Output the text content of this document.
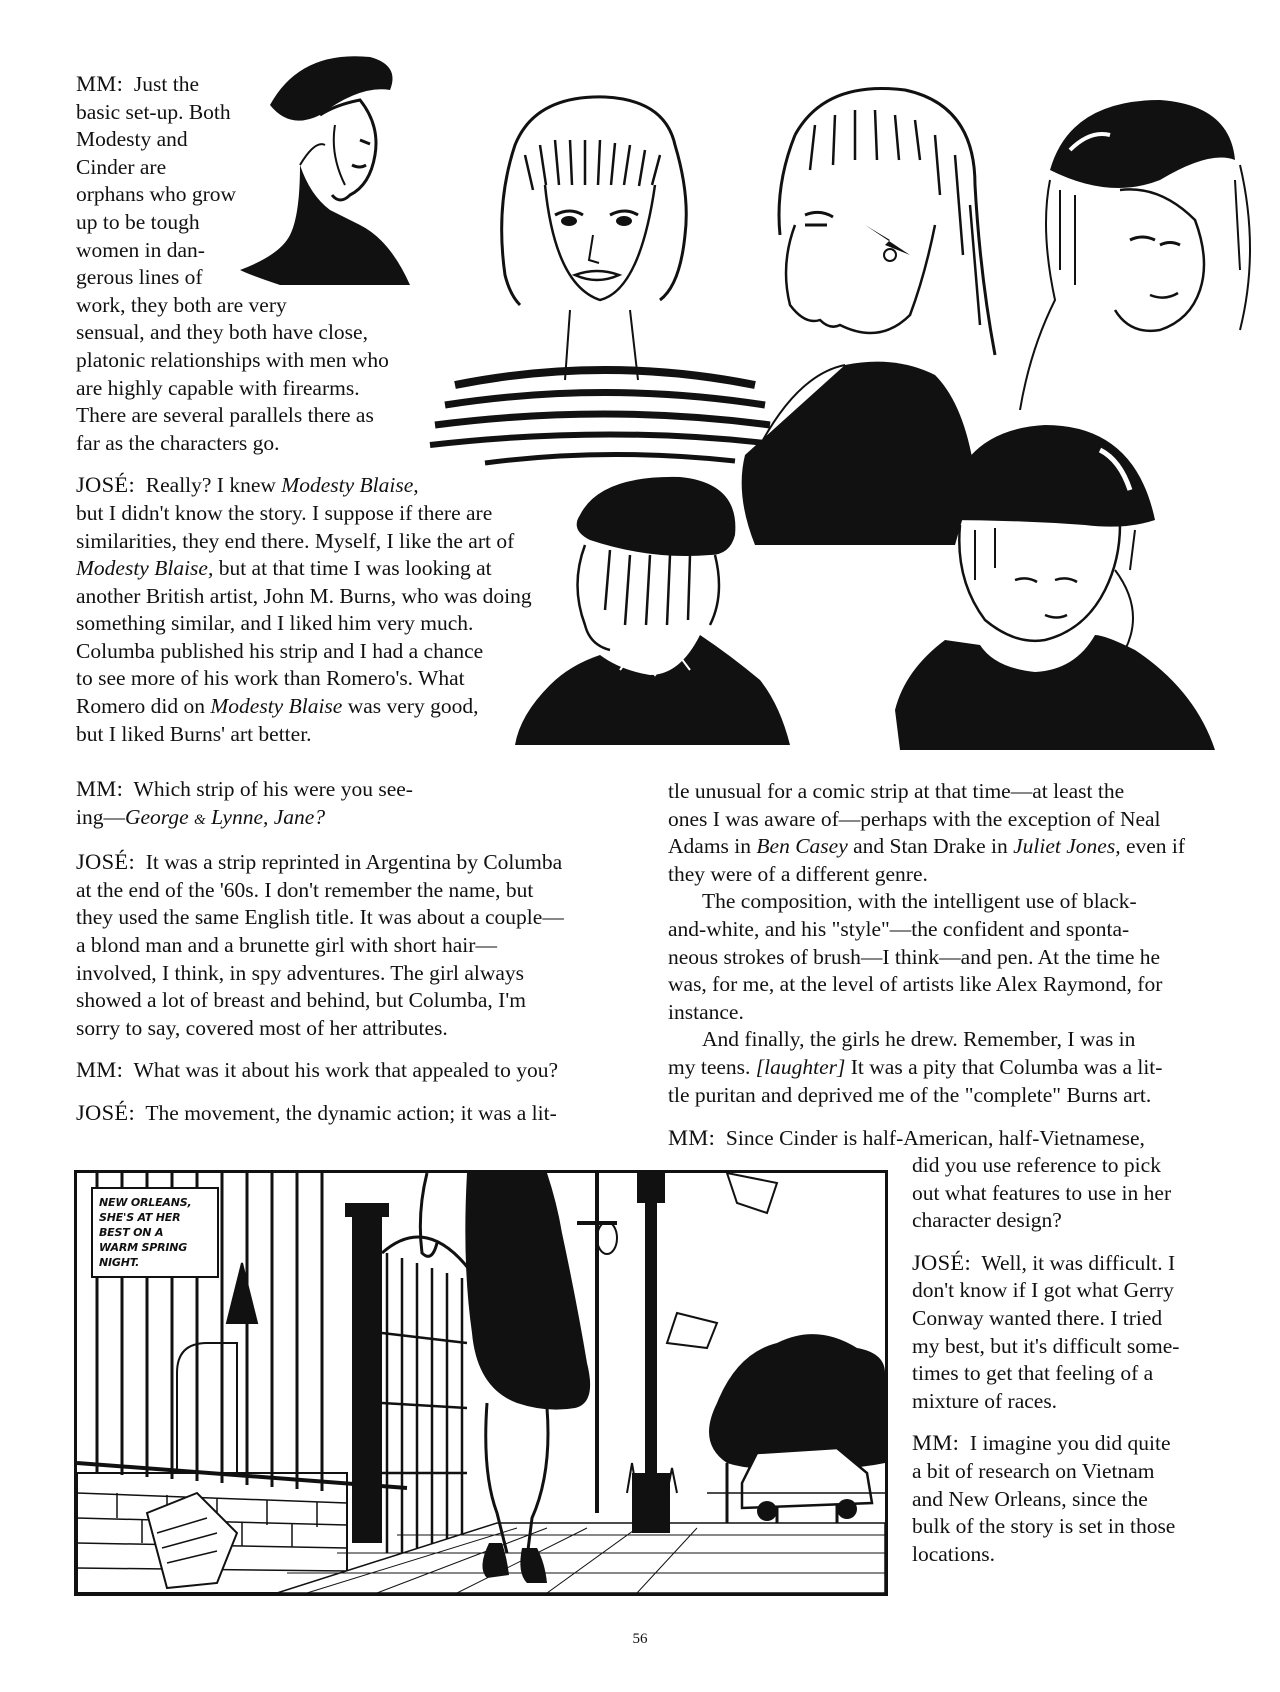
MM: Just the

basic set-up. Both

Modesty and

Cinder are

orphans who grow

up to be tough

women in dan-

gerous lines of

work, they both are very

sensual, and they both have close,

platonic relationships with men who

are highly capable with firearms.

There are several parallels there as

far as the characters go.

JOSÉ: Really? I knew Modesty Blaise,

but I didn't know the story. I suppose if there are

similarities, they end there. Myself, I like the art of

Modesty Blaise, but at that time I was looking at

another British artist, John M. Burns, who was doing

something similar, and I liked him very much.

Columba published his strip and I had a chance

to see more of his work than Romero's. What

Romero did on Modesty Blaise was very good,

but I liked Burns' art better.

MM: Which strip of his were you see-

ing—George & Lynne, Jane?

JOSÉ: It was a strip reprinted in Argentina by Columba

at the end of the '60s. I don't remember the name, but

they used the same English title. It was about a couple—

a blond man and a brunette girl with short hair—

involved, I think, in spy adventures. The girl always

showed a lot of breast and behind, but Columba, I'm

sorry to say, covered most of her attributes.

MM: What was it about his work that appealed to you?

JOSÉ: The movement, the dynamic action; it was a lit-

tle unusual for a comic strip at that time—at least the

ones I was aware of—perhaps with the exception of Neal

Adams in Ben Casey and Stan Drake in Juliet Jones, even if

they were of a different genre.

The composition, with the intelligent use of black-

and-white, and his "style"—the confident and sponta-

neous strokes of brush—I think—and pen. At the time he

was, for me, at the level of artists like Alex Raymond, for

instance.

And finally, the girls he drew. Remember, I was in

my teens. [laughter] It was a pity that Columba was a lit-

tle puritan and deprived me of the "complete" Burns art.

MM: Since Cinder is half-American, half-Vietnamese,

did you use reference to pick

out what features to use in her

character design?

JOSÉ: Well, it was difficult. I

don't know if I got what Gerry

Conway wanted there. I tried

my best, but it's difficult some-

times to get that feeling of a

mixture of races.

MM: I imagine you did quite

a bit of research on Vietnam

and New Orleans, since the

bulk of the story is set in those

locations.

NEW ORLEANS,
SHE'S AT HER
BEST ON A
WARM SPRING
NIGHT.
56
